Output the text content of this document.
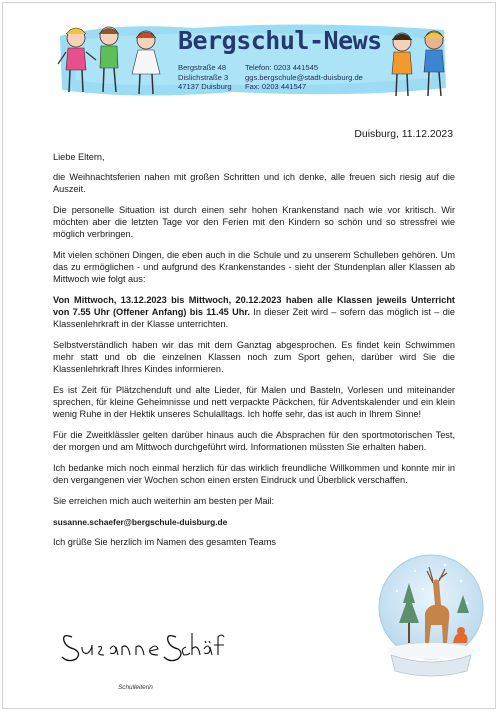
Bergschul-News
Bergstraße 48
Dislichstraße 3
47137 Duisburg
Telefon: 0203 441545
ggs.bergschule@stadt-duisburg.de
Fax: 0203 441547
Duisburg, 11.12.2023

Liebe Eltern,

die Weihnachtsferien nahen mit großen Schritten und ich denke, alle freuen sich riesig auf die Auszeit.

Die personelle Situation ist durch einen sehr hohen Krankenstand nach wie vor kritisch. Wir möchten aber die letzten Tage vor den Ferien mit den Kindern so schön und so stressfrei wie möglich verbringen.

Mit vielen schönen Dingen, die eben auch in die Schule und zu unserem Schulleben gehören. Um das zu ermöglichen - und aufgrund des Krankenstandes - sieht der Stundenplan aller Klassen ab Mittwoch wie folgt aus:

Von Mittwoch, 13.12.2023 bis Mittwoch, 20.12.2023 haben alle Klassen jeweils Unterricht von 7.55 Uhr (Offener Anfang) bis 11.45 Uhr. In dieser Zeit wird – sofern das möglich ist – die Klassenlehrkraft in der Klasse unterrichten.

Selbstverständlich haben wir das mit dem Ganztag abgesprochen. Es findet kein Schwimmen mehr statt und ob die einzelnen Klassen noch zum Sport gehen, darüber wird Sie die Klassenlehrkraft Ihres Kindes informieren.

Es ist Zeit für Plätzchenduft und alte Lieder, für Malen und Basteln, Vorlesen und miteinander sprechen, für kleine Geheimnisse und nett verpackte Päckchen, für Adventskalender und ein klein wenig Ruhe in der Hektik unseres Schulalltags. Ich hoffe sehr, das ist auch in Ihrem Sinne!

Für die Zweitklässler gelten darüber hinaus auch die Absprachen für den sportmotorischen Test, der morgen und am Mittwoch durchgeführt wird. Informationen müssten Sie erhalten haben.

Ich bedanke mich noch einmal herzlich für das wirklich freundliche Willkommen und konnte mir in den vergangenen vier Wochen schon einen ersten Eindruck und Überblick verschaffen.

Sie erreichen mich auch weiterhin am besten per Mail:

susanne.schaefer@bergschule-duisburg.de

Ich grüße Sie herzlich im Namen des gesamten Teams

Schulleiterin
